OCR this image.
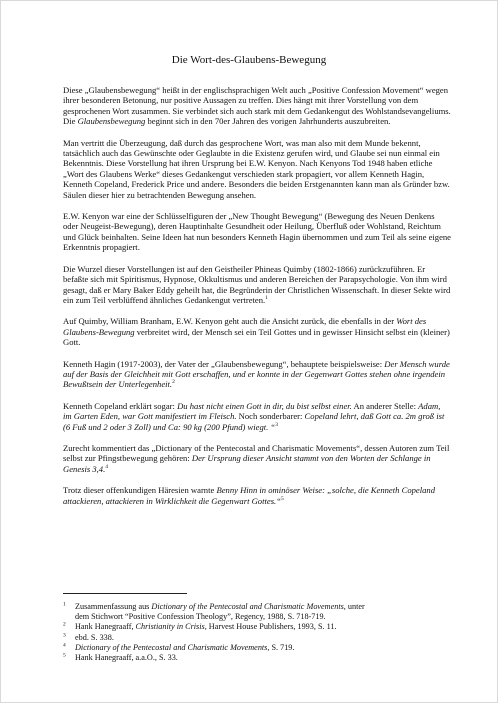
Die Wort-des-Glaubens-Bewegung

Diese „Glaubensbewegung“ heißt in der englischsprachigen Welt auch „Positive Confession Movement“ wegen ihrer besonderen Betonung, nur positive Aussagen zu treffen. Dies hängt mit ihrer Vorstellung von dem gesprochenen Wort zusammen. Sie verbindet sich auch stark mit dem Gedankengut des Wohlstandsevangeliums. Die Glaubensbewegung beginnt sich in den 70er Jahren des vorigen Jahrhunderts auszubreiten.

Man vertritt die Überzeugung, daß durch das gesprochene Wort, was man also mit dem Munde bekennt, tatsächlich auch das Gewünschte oder Geglaubte in die Existenz gerufen wird, und Glaube sei nun einmal ein Bekenntnis. Diese Vorstellung hat ihren Ursprung bei E.W. Kenyon. Nach Kenyons Tod 1948 haben etliche „Wort des Glaubens Werke“ dieses Gedankengut verschieden stark propagiert, vor allem Kenneth Hagin, Kenneth Copeland, Frederick Price und andere. Besonders die beiden Erstgenannten kann man als Gründer bzw. Säulen dieser hier zu betrachtenden Bewegung ansehen.

E.W. Kenyon war eine der Schlüsselfiguren der „New Thought Bewegung“ (Bewegung des Neuen Denkens oder Neugeist-Bewegung), deren Hauptinhalte Gesundheit oder Heilung, Überfluß oder Wohlstand, Reichtum und Glück beinhalten. Seine Ideen hat nun besonders Kenneth Hagin übernommen und zum Teil als seine eigene Erkenntnis propagiert.

Die Wurzel dieser Vorstellungen ist auf den Geistheiler Phineas Quimby (1802-1866) zurückzuführen. Er befaßte sich mit Spiritismus, Hypnose, Okkultismus und anderen Bereichen der Parapsychologie. Von ihm wird gesagt, daß er Mary Baker Eddy geheilt hat, die Begründerin der Christlichen Wissenschaft. In dieser Sekte wird ein zum Teil verblüffend ähnliches Gedankengut vertreten.$^1$

Auf Quimby, William Branham, E.W. Kenyon geht auch die Ansicht zurück, die ebenfalls in der Wort des Glaubens-Bewegung verbreitet wird, der Mensch sei ein Teil Gottes und in gewisser Hinsicht selbst ein (kleiner) Gott.

Kenneth Hagin (1917-2003), der Vater der „Glaubensbewegung“, behauptete beispielsweise: Der Mensch wurde auf der Basis der Gleichheit mit Gott erschaffen, und er konnte in der Gegenwart Gottes stehen ohne irgendein Bewußtsein der Unterlegenheit.$^2$

Kenneth Copeland erklärt sogar: Du hast nicht einen Gott in dir, du bist selbst einer. An anderer Stelle: Adam, im Garten Eden, war Gott manifestiert im Fleisch. Noch sonderbarer: Copeland lehrt, daß Gott ca. 2m groß ist (6 Fuß und 2 oder 3 Zoll) und Ca: 90 kg (200 Pfund) wiegt. “$^3$

Zurecht kommentiert das „Dictionary of the Pentecostal and Charismatic Movements“, dessen Autoren zum Teil selbst zur Pfingstbewegung gehören: Der Ursprung dieser Ansicht stammt von den Worten der Schlange in Genesis 3,4.$^4$

Trotz dieser offenkundigen Häresien warnte Benny Hinn in ominöser Weise: „solche, die Kenneth Copeland attackieren, attackieren in Wirklichkeit die Gegenwart Gottes.“$^5$

$^1$ Zusammenfassung aus Dictionary of the Pentecostal and Charismatic Movements, unter
dem Stichwort “Positive Confession Theology”, Regency, 1988, S. 718-719.
$^2$ Hank Hanegraaff, Christianity in Crisis, Harvest House Publishers, 1993, S. 11.
$^3$ ebd. S. 338.
$^4$ Dictionary of the Pentecostal and Charismatic Movements, S. 719.
$^5$ Hank Hanegraaff, a.a.O., S. 33.
